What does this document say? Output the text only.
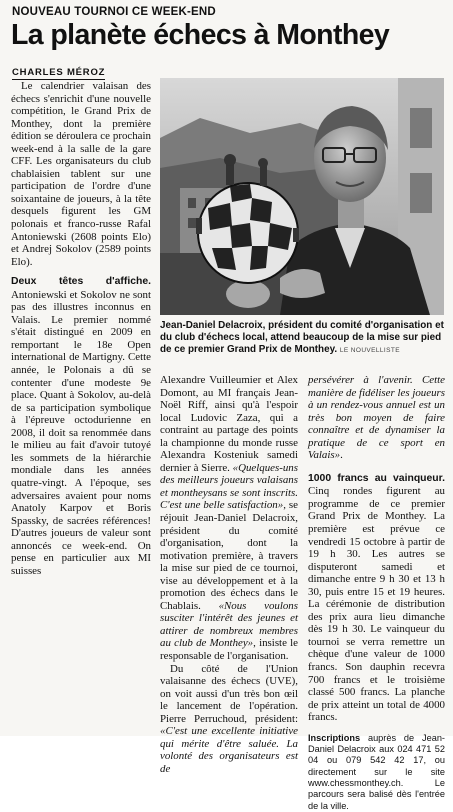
NOUVEAU TOURNOI CE WEEK-END
La planète échecs à Monthey
CHARLES MÉROZ

Le calendrier valaisan des échecs s'enrichit d'une nouvelle compétition, le Grand Prix de Monthey, dont la première édition se déroulera ce prochain week-end à la salle de la gare CFF. Les organisateurs du club chablaisien tablent sur une participation de l'ordre d'une soixantaine de joueurs, à la tête desquels figurent les GM polonais et franco-russe Rafal Antoniewski (2608 points Elo) et Andrej Sokolov (2589 points Elo).

Deux têtes d'affiche. Antoniewski et Sokolov ne sont pas des illustres inconnus en Valais. Le premier nommé s'était distingué en 2009 en remportant le 18e Open international de Martigny. Cette année, le Polonais a dû se contenter d'une modeste 9e place. Quant à Sokolov, au-delà de sa participation symbolique à l'épreuve octodurienne en 2008, il doit sa renommée dans le milieu au fait d'avoir tutoyé les sommets de la hiérarchie mondiale dans les années quatre-vingt. A l'époque, ses adversaires avaient pour noms Anatoly Karpov et Boris Spassky, de sacrées références! D'autres joueurs de valeur sont annoncés ce week-end. On pense en particulier aux MI suisses

Jean-Daniel Delacroix, président du comité d'organisation et du club d'échecs local, attend beaucoup de la mise sur pied de ce premier Grand Prix de Monthey. LE NOUVELLISTE

Alexandre Vuilleumier et Alex Domont, au MI français Jean-Noël Riff, ainsi qu'à l'espoir local Ludovic Zaza, qui a contraint au partage des points la championne du monde russe Alexandra Kosteniuk samedi dernier à Sierre. «Quelques-uns des meilleurs joueurs valaisans et montheysans se sont inscrits. C'est une belle satisfaction», se réjouit Jean-Daniel Delacroix, président du comité d'organisation, dont la motivation première, à travers la mise sur pied de ce tournoi, vise au développement et à la promotion des échecs dans le Chablais. «Nous voulons susciter l'intérêt des jeunes et attirer de nombreux membres au club de Monthey», insiste le responsable de l'organisation.

Du côté de l'Union valaisanne des échecs (UVE), on voit aussi d'un très bon œil le lancement de l'opération. Pierre Perruchoud, président: «C'est une excellente initiative qui mérite d'être saluée. La volonté des organisateurs est de

persévérer à l'avenir. Cette manière de fidéliser les joueurs à un rendez-vous annuel est un très bon moyen de faire connaître et de dynamiser la pratique de ce sport en Valais».

1000 francs au vainqueur. Cinq rondes figurent au programme de ce premier Grand Prix de Monthey. La première est prévue ce vendredi 15 octobre à partir de 19 h 30. Les autres se disputeront samedi et dimanche entre 9 h 30 et 13 h 30, puis entre 15 et 19 heures. La cérémonie de distribution des prix aura lieu dimanche dès 19 h 30. Le vainqueur du tournoi se verra remettre un chèque d'une valeur de 1000 francs. Son dauphin recevra 700 francs et le troisième classé 500 francs. La planche de prix atteint un total de 4000 francs.

Inscriptions auprès de Jean-Daniel Delacroix aux 024 471 52 04 ou 079 542 42 17, ou directement sur le site www.chessmonthey.ch. Le parcours sera balisé dès l'entrée de la ville.
